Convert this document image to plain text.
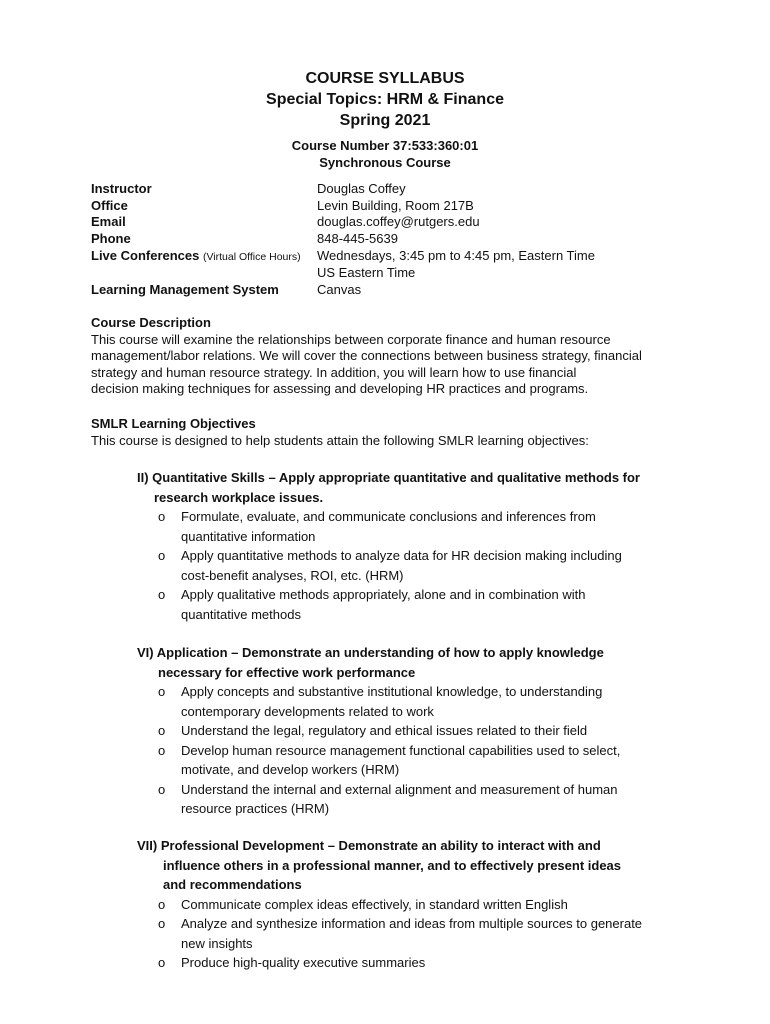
COURSE SYLLABUS
Special Topics: HRM & Finance
Spring 2021
Course Number 37:533:360:01
Synchronous Course
Instructor	Douglas Coffey
Office	Levin Building, Room 217B
Email	douglas.coffey@rutgers.edu
Phone	848-445-5639
Live Conferences (Virtual Office Hours)	Wednesdays, 3:45 pm to 4:45 pm, Eastern Time
US Eastern Time
Learning Management System	Canvas
Course Description
This course will examine the relationships between corporate finance and human resource
management/labor relations. We will cover the connections between business strategy, financial
strategy and human resource strategy. In addition, you will learn how to use financial
decision making techniques for assessing and developing HR practices and programs.
SMLR Learning Objectives
This course is designed to help students attain the following SMLR learning objectives:
II) Quantitative Skills – Apply appropriate quantitative and qualitative methods for
research workplace issues.
o Formulate, evaluate, and communicate conclusions and inferences from

quantitative information

o Apply quantitative methods to analyze data for HR decision making including

cost-benefit analyses, ROI, etc. (HRM)

o Apply qualitative methods appropriately, alone and in combination with

quantitative methods

VI) Application – Demonstrate an understanding of how to apply knowledge
necessary for effective work performance
o Apply concepts and substantive institutional knowledge, to understanding

contemporary developments related to work

o Understand the legal, regulatory and ethical issues related to their field

o Develop human resource management functional capabilities used to select,

motivate, and develop workers (HRM)

o Understand the internal and external alignment and measurement of human

resource practices (HRM)

VII) Professional Development – Demonstrate an ability to interact with and
influence others in a professional manner, and to effectively present ideas
and recommendations
o Communicate complex ideas effectively, in standard written English

o Analyze and synthesize information and ideas from multiple sources to generate

new insights

o Produce high-quality executive summaries
